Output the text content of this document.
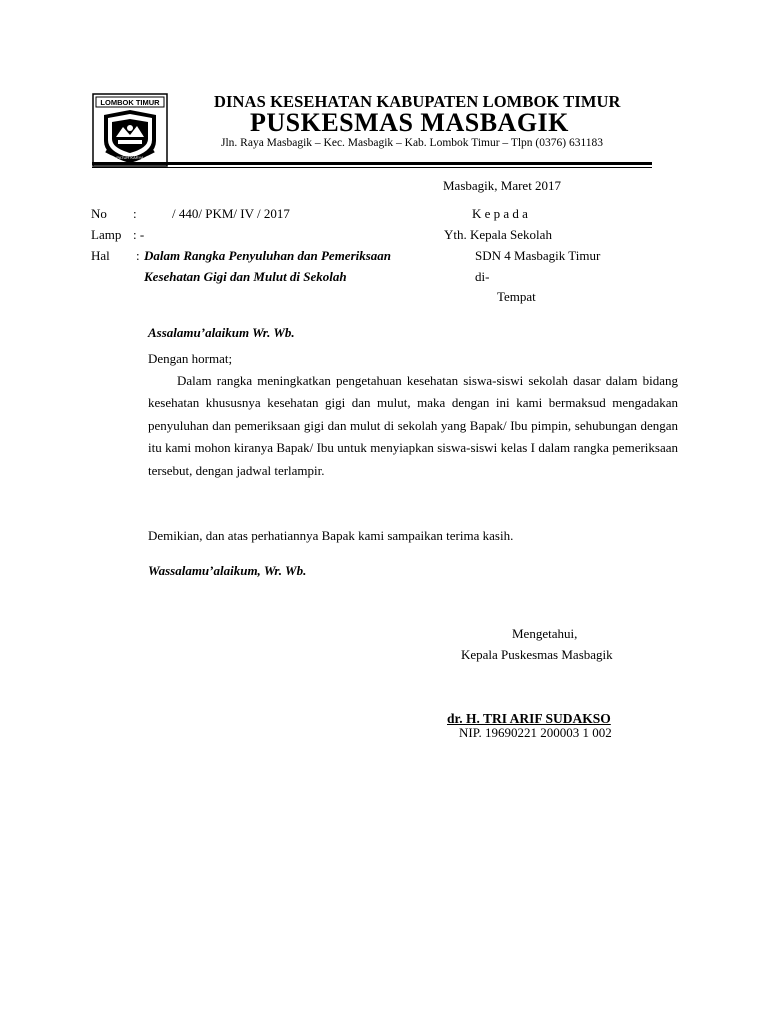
LOMBOK TIMUR
PATUH KARYA
DINAS KESEHATAN KABUPATEN LOMBOK TIMUR
PUSKESMAS MASBAGIK
Jln. Raya Masbagik – Kec. Masbagik – Kab. Lombok Timur – Tlpn (0376) 631183
Masbagik, Maret 2017
No :	/ 440/ PKM/ IV / 2017
Lamp : -
Hal : Dalam Rangka Penyuluhan dan Pemeriksaan
Kesehatan Gigi dan Mulut di Sekolah
K e p a d a
Yth. Kepala Sekolah
SDN 4 Masbagik Timur
di-
Tempat
Assalamu’alaikum Wr. Wb.
Dengan hormat;
Dalam rangka meningkatkan pengetahuan kesehatan siswa-siswi sekolah dasar dalam bidang kesehatan khususnya kesehatan gigi dan mulut, maka dengan ini kami bermaksud mengadakan penyuluhan dan pemeriksaan gigi dan mulut di sekolah yang Bapak/ Ibu pimpin, sehubungan dengan itu kami mohon kiranya Bapak/ Ibu untuk menyiapkan siswa-siswi kelas I dalam rangka pemeriksaan tersebut, dengan jadwal terlampir.
Demikian, dan atas perhatiannya Bapak kami sampaikan terima kasih.
Wassalamu’alaikum, Wr. Wb.
Mengetahui,
Kepala Puskesmas Masbagik
dr. H. TRI ARIF SUDAKSO
NIP. 19690221 200003 1 002
